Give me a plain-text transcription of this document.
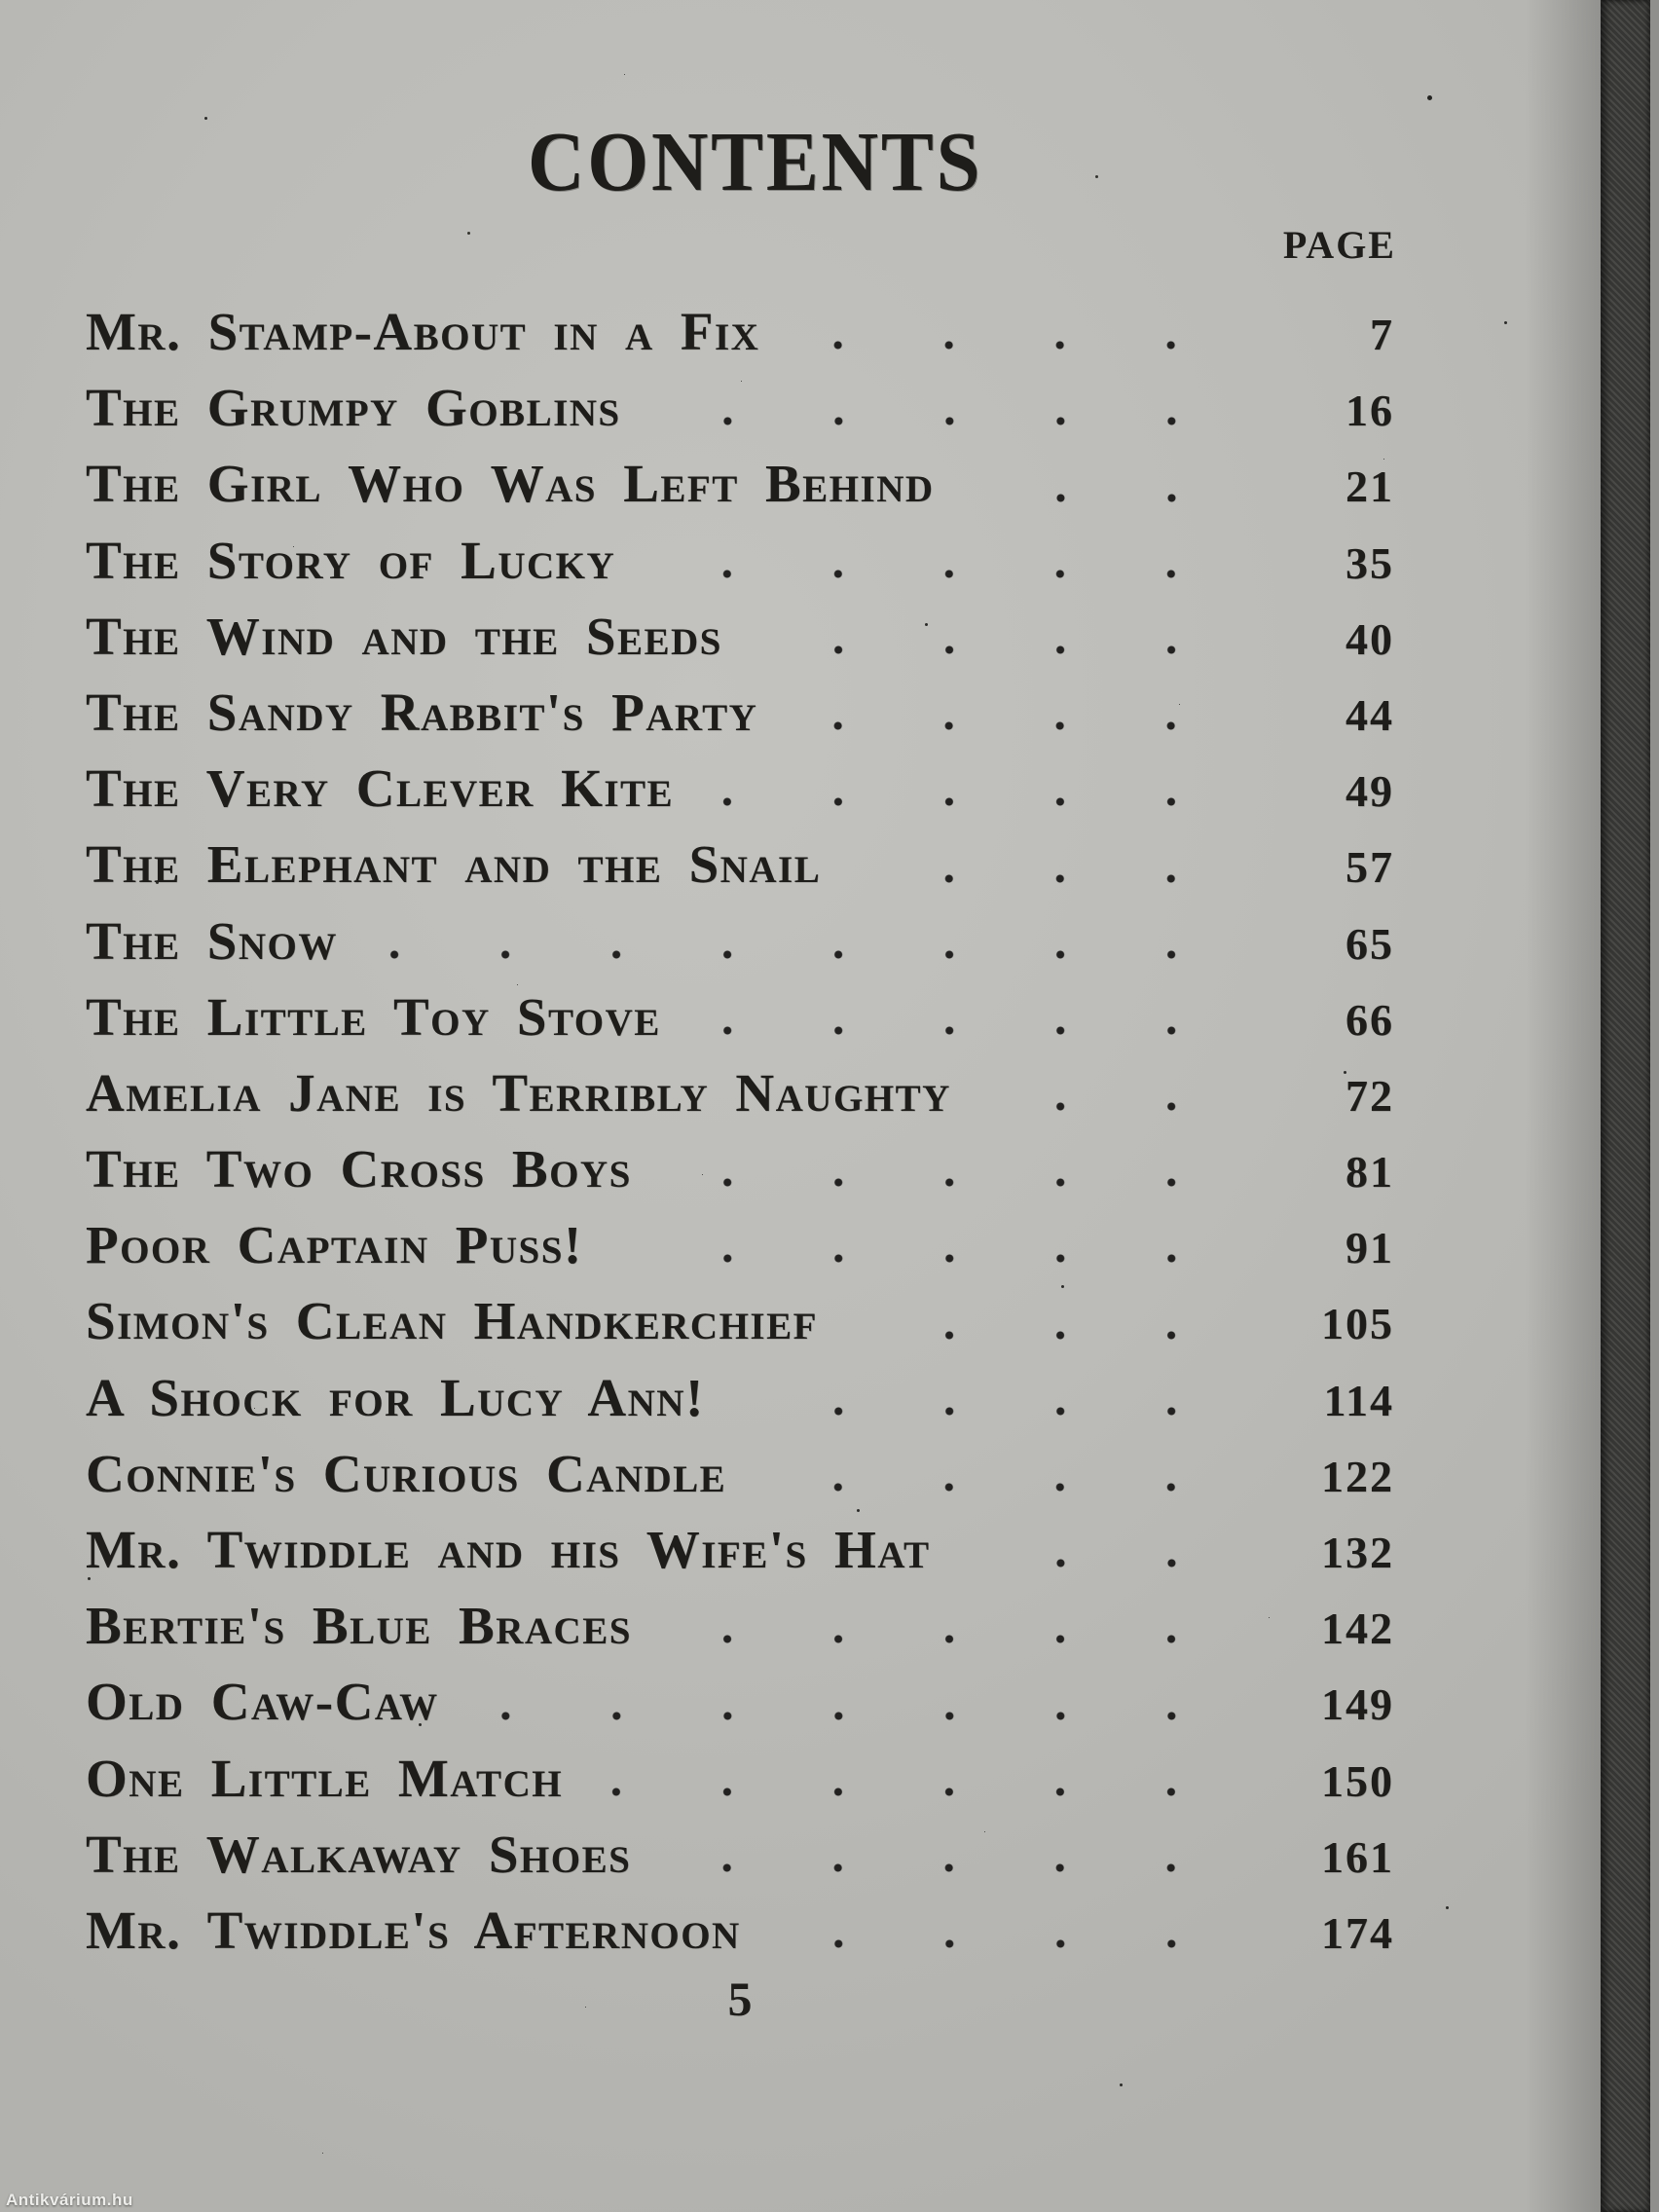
CONTENTS
PAGE
Mr. Stamp-About in a Fix	7
The Grumpy Goblins	16
The Girl Who Was Left Behind	21
The Story of Lucky	35
The Wind and the Seeds	40
The Sandy Rabbit's Party	44
The Very Clever Kite	49
The Elephant and the Snail	57
The Snow	65
The Little Toy Stove	66
Amelia Jane is Terribly Naughty	72
The Two Cross Boys	81
Poor Captain Puss!	91
Simon's Clean Handkerchief	105
A Shock for Lucy Ann!	114
Connie's Curious Candle	122
Mr. Twiddle and his Wife's Hat	132
Bertie's Blue Braces	142
Old Caw-Caw	149
One Little Match	150
The Walkaway Shoes	161
Mr. Twiddle's Afternoon	174
5
Antikvárium.hu
